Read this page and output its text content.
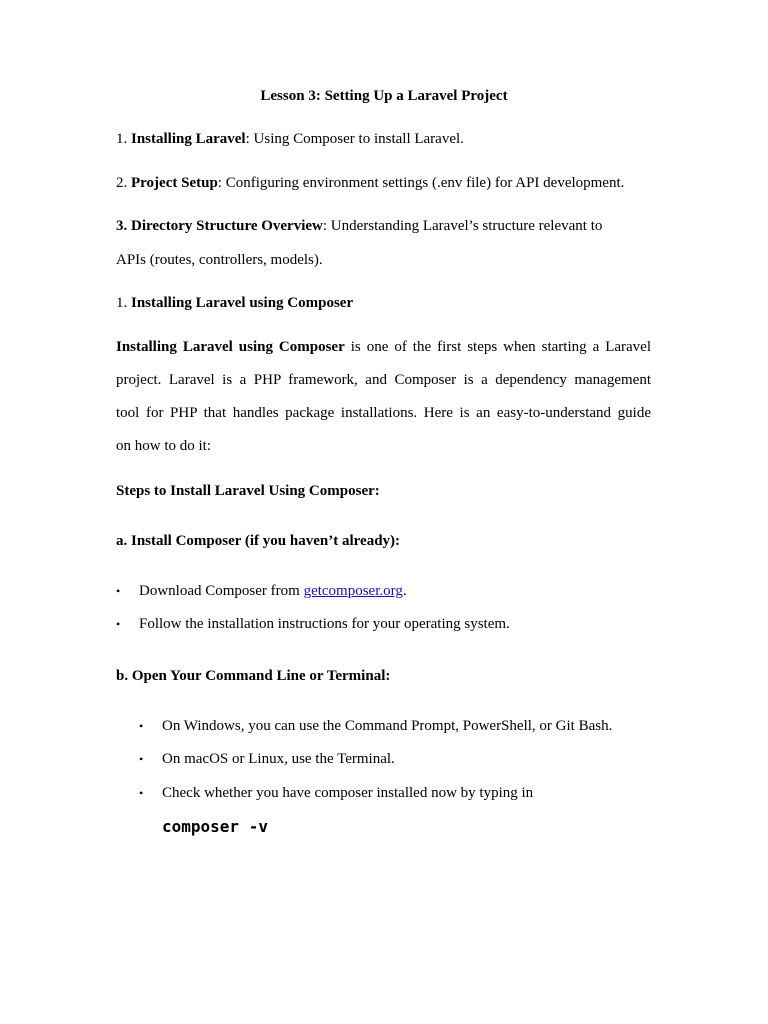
Lesson 3: Setting Up a Laravel Project
1. Installing Laravel: Using Composer to install Laravel.
2. Project Setup: Configuring environment settings (.env file) for API development.
3. Directory Structure Overview: Understanding Laravel’s structure relevant to
APIs (routes, controllers, models).
1. Installing Laravel using Composer
Installing Laravel using Composer is one of the first steps when starting a Laravel
project. Laravel is a PHP framework, and Composer is a dependency management
tool for PHP that handles package installations. Here is an easy-to-understand guide
on how to do it:
Steps to Install Laravel Using Composer:
a. Install Composer (if you haven’t already):
• Download Composer from getcomposer.org.
• Follow the installation instructions for your operating system.
b. Open Your Command Line or Terminal:
• On Windows, you can use the Command Prompt, PowerShell, or Git Bash.
• On macOS or Linux, use the Terminal.
• Check whether you have composer installed now by typing in
composer -v
